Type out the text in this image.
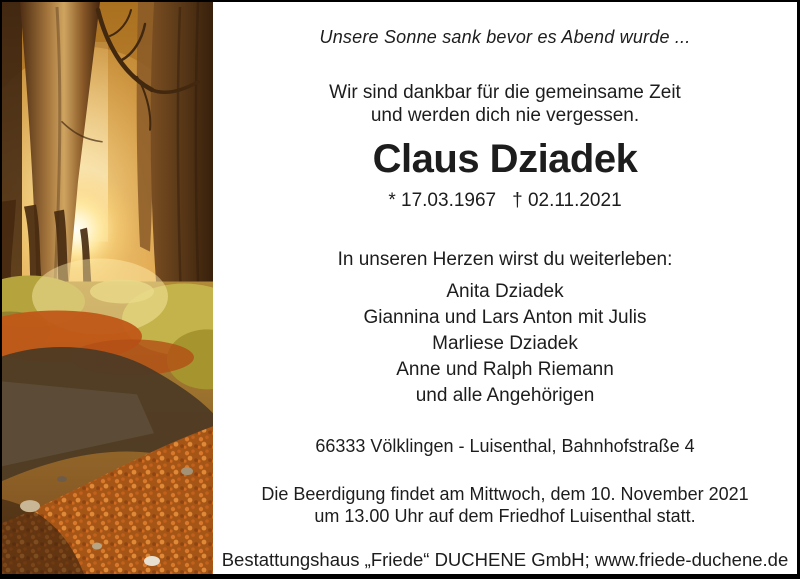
Unsere Sonne sank bevor es Abend wurde ...
Wir sind dankbar für die gemeinsame Zeit
und werden dich nie vergessen.
Claus Dziadek
* 17.03.1967 † 02.11.2021
In unseren Herzen wirst du weiterleben:
Anita Dziadek
Giannina und Lars Anton mit Julis
Marliese Dziadek
Anne und Ralph Riemann
und alle Angehörigen
66333 Völklingen - Luisenthal, Bahnhofstraße 4
Die Beerdigung findet am Mittwoch, dem 10. November 2021
um 13.00 Uhr auf dem Friedhof Luisenthal statt.
Bestattungshaus „Friede“ DUCHENE GmbH; www.friede-duchene.de
